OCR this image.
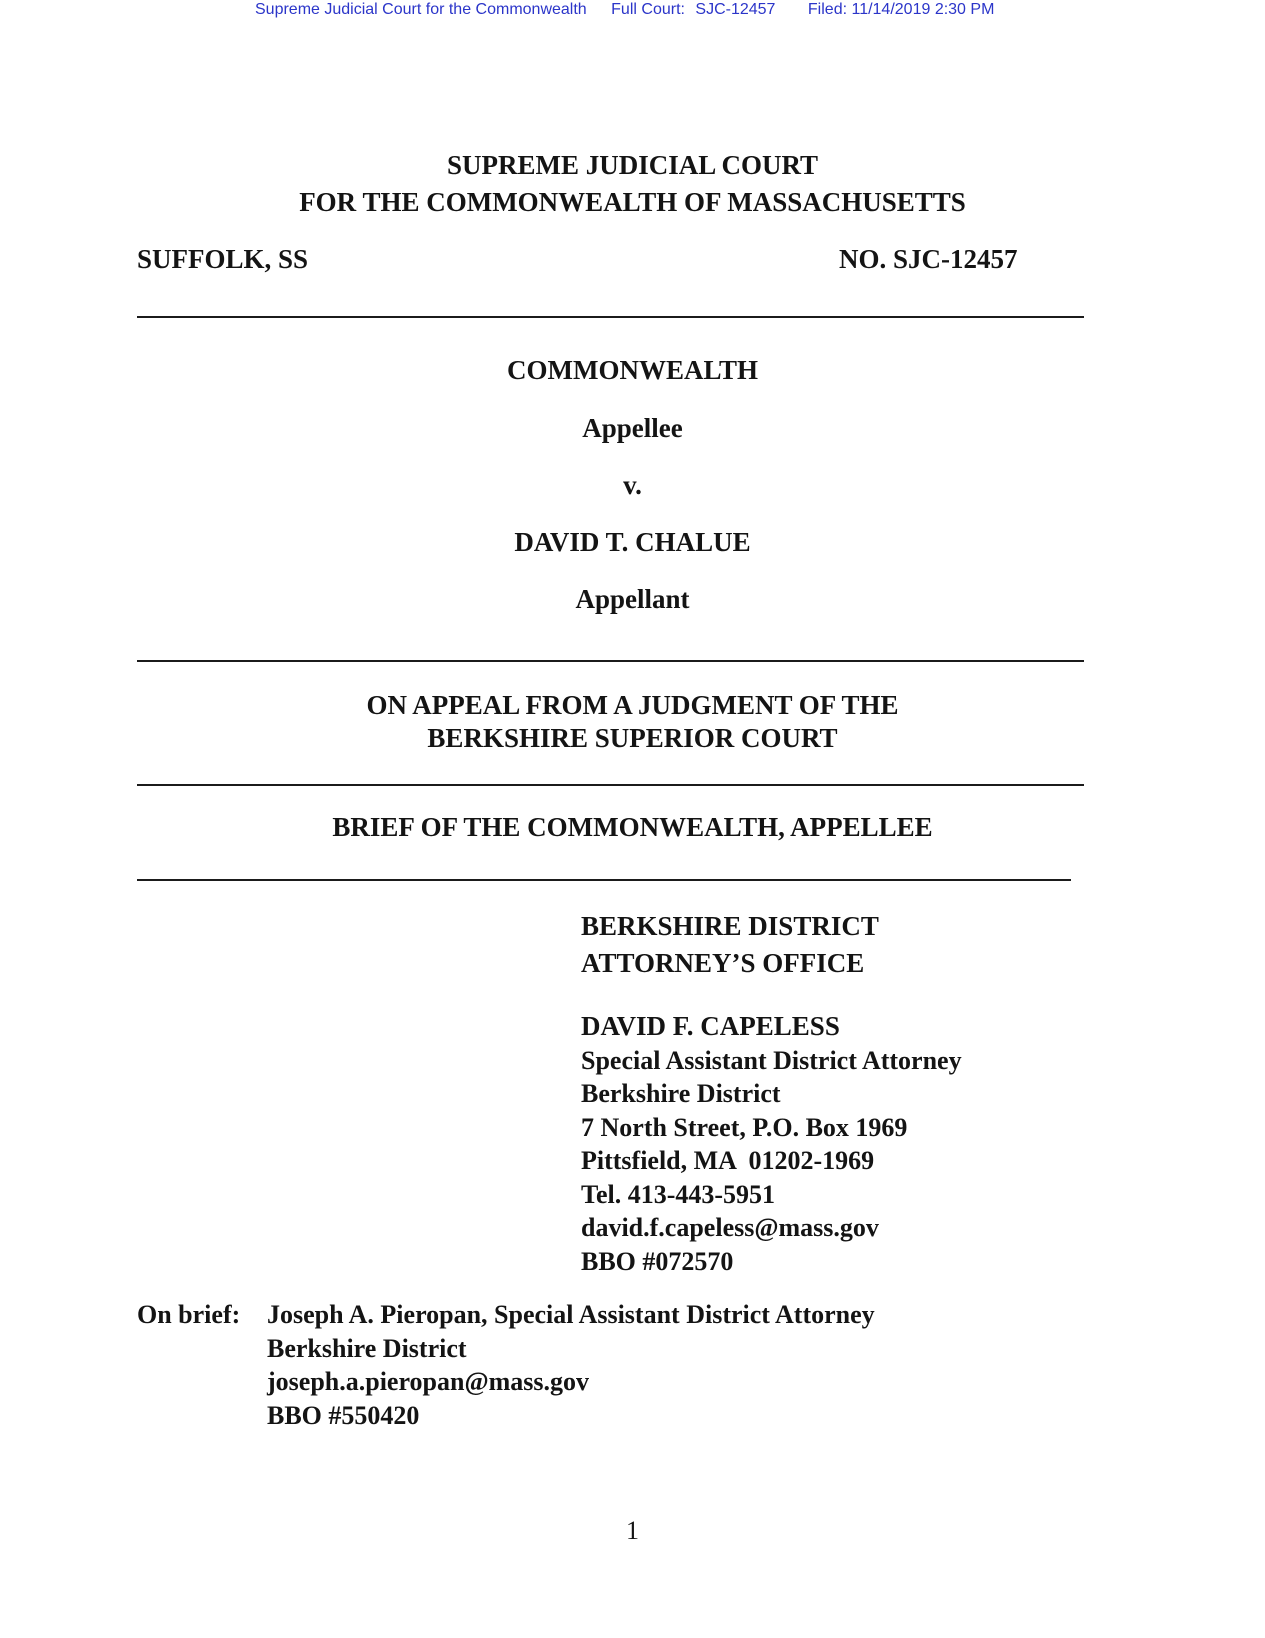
Supreme Judicial Court for the Commonwealth Full Court: SJC-12457 Filed: 11/14/2019 2:30 PM
SUPREME JUDICIAL COURT
FOR THE COMMONWEALTH OF MASSACHUSETTS
SUFFOLK, SS	NO. SJC-12457
COMMONWEALTH
Appellee
v.
DAVID T. CHALUE
Appellant
ON APPEAL FROM A JUDGMENT OF THE
BERKSHIRE SUPERIOR COURT
BRIEF OF THE COMMONWEALTH, APPELLEE
BERKSHIRE DISTRICT
ATTORNEY’S OFFICE
DAVID F. CAPELESS
Special Assistant District Attorney
Berkshire District
7 North Street, P.O. Box 1969
Pittsfield, MA  01202-1969
Tel. 413-443-5951
david.f.capeless@mass.gov
BBO #072570
On brief: Joseph A. Pieropan, Special Assistant District Attorney
Berkshire District
joseph.a.pieropan@mass.gov
BBO #550420
1
